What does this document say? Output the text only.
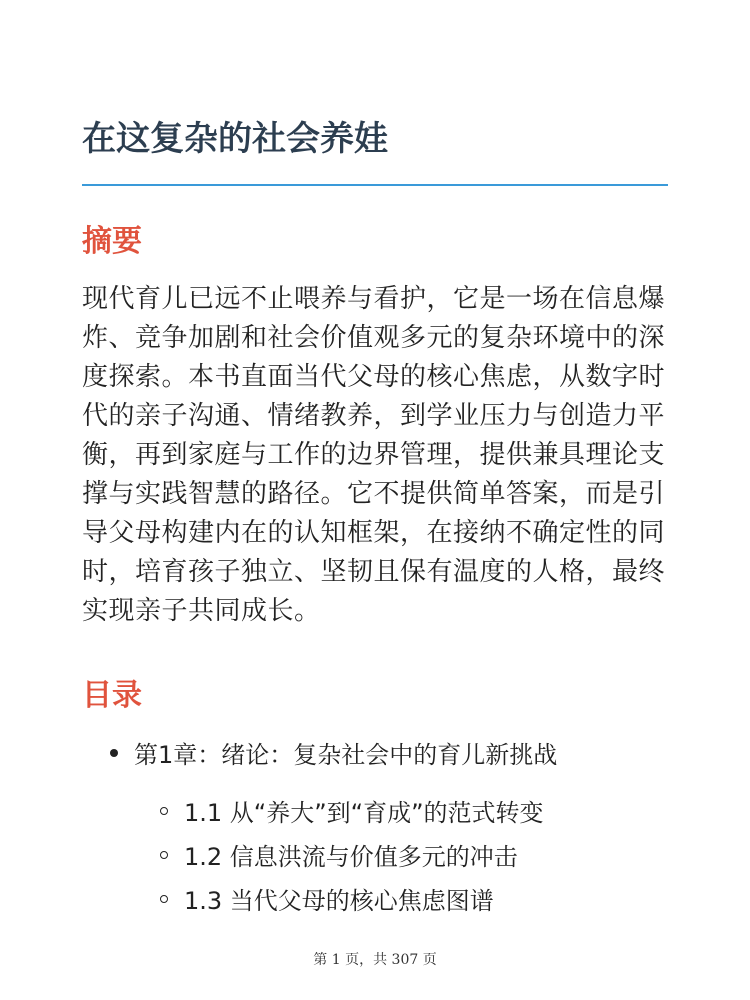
在这复杂的社会养娃
摘要

现代育儿已远不止喂养与看护，它是一场在信息爆炸、竞争加剧和社会价值观多元的复杂环境中的深度探索。本书直面当代父母的核心焦虑，从数字时代的亲子沟通、情绪教养，到学业压力与创造力平衡，再到家庭与工作的边界管理，提供兼具理论支撑与实践智慧的路径。它不提供简单答案，而是引导父母构建内在的认知框架，在接纳不确定性的同时，培育孩子独立、坚韧且保有温度的人格，最终实现亲子共同成长。

目录
第1章：绪论：复杂社会中的育儿新挑战
1.1 从“养大”到“育成”的范式转变
1.2 信息洪流与价值多元的冲击
1.3 当代父母的核心焦虑图谱
第 1 页，共 307 页
